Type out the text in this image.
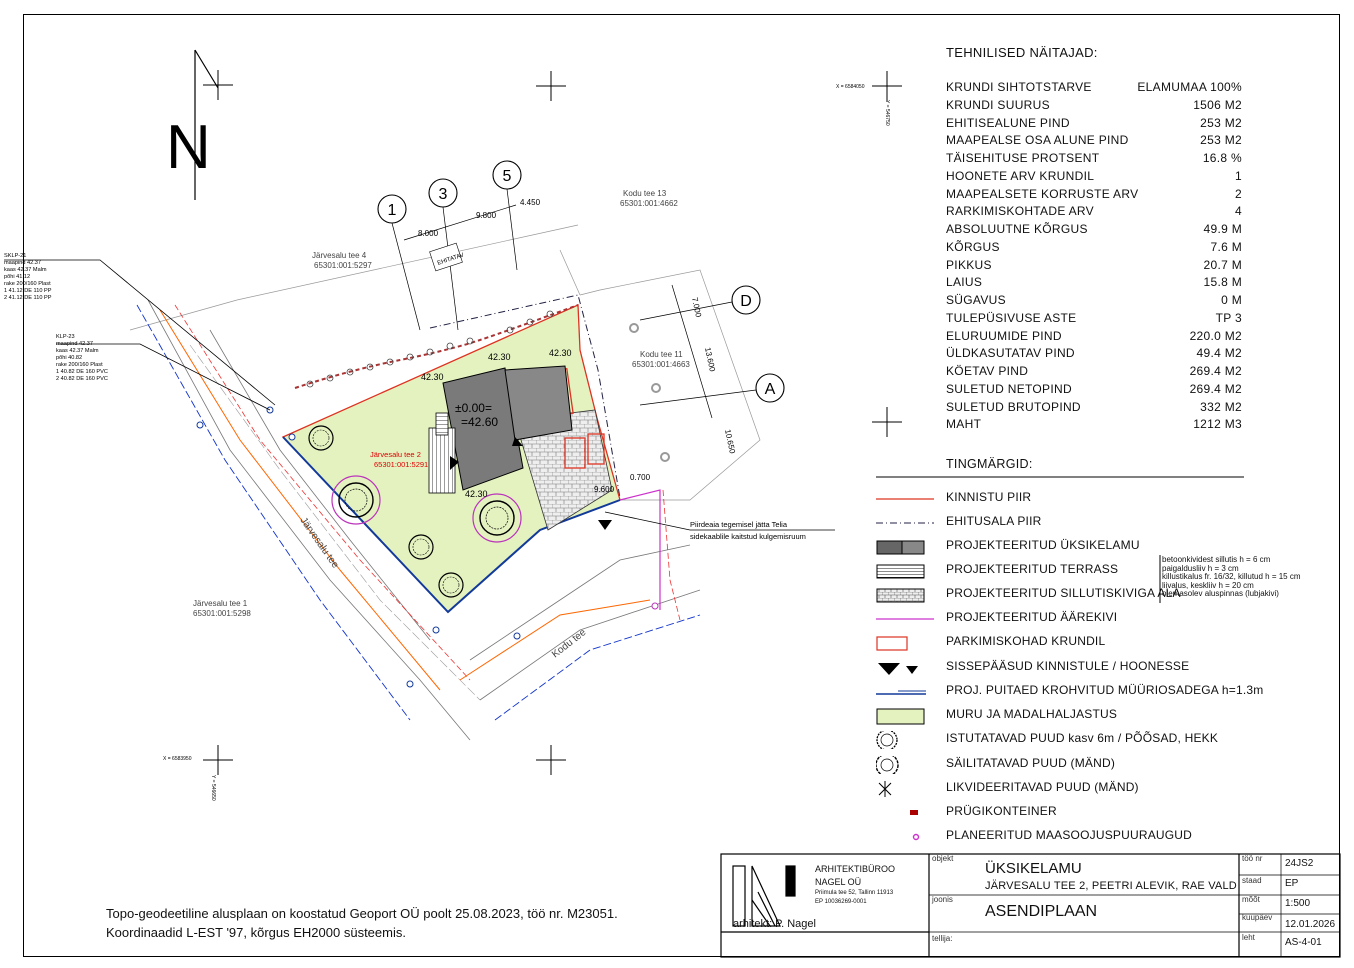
N
X = 6584050
Y = 546750
X = 6583950
Y = 546650
±0.00=
=42.60
1
3
5
D
A
8.000
9.800
4.450
7.000
13.600
10.650
0.700
9.600
EHITATAV
42.30
42.30	42.30
42.30
Järvesalu tee 4
65301:001:5297
Kodu tee 13
65301:001:4662
Kodu tee 11
65301:001:4663
Järvesalu tee 1
65301:001:5298
Järvesalu tee 2
65301:001:5291
Järvesalu tee
Kodu tee
SKLP-21
maapind 42.37
kaas 42.37 Malm
põhi 41.12
rake 200/160 Plast
1 41.12 DE 110 PP
2 41.12 DE 110 PP
KLP-23
maapind 42.37
kaas 42.37 Malm
põhi 40.82
rake 200/160 Plast
1 40.82 DE 160 PVC
2 40.82 DE 160 PVC
Piirdeaia tegemisel jätta Telia
sidekaablile kaitstud kulgemisruum
TEHNILISED NÄITAJAD:
KRUNDI SIHTOTSTARVE	ELAMUMAA 100%
KRUNDI SUURUS	1506 M2
EHITISEALUNE PIND	253 M2
MAAPEALSE OSA ALUNE PIND	253 M2
TÄISEHITUSE PROTSENT	16.8 %
HOONETE ARV KRUNDIL	1
MAAPEALSETE KORRUSTE ARV	2
RARKIMISKOHTADE ARV	4
ABSOLUUTNE KÕRGUS	49.9 M
KÕRGUS	7.6 M
PIKKUS	20.7 M
LAIUS	15.8 M
SÜGAVUS	0 M
TULEPÜSIVUSE ASTE	TP 3
ELURUUMIDE PIND	220.0 M2
ÜLDKASUTATAV PIND	49.4 M2
KÖETAV PIND	269.4 M2
SULETUD NETOPIND	269.4 M2
SULETUD BRUTOPIND	332 M2
MAHT	1212 M3
TINGMÄRGID:
KINNISTU PIIR
EHITUSALA PIIR
PROJEKTEERITUD ÜKSIKELAMU
PROJEKTEERITUD TERRASS
PROJEKTEERITUD SILLUTISKIVIGA ALA
PROJEKTEERITUD ÄÄREKIVI
PARKIMISKOHAD KRUNDIL
SISSEPÄÄSUD KINNISTULE / HOONESSE
PROJ. PUITAED KROHVITUD MÜÜRIOSADEGA h=1.3m
MURU JA MADALHALJASTUS
ISTUTATAVAD PUUD kasv 6m / PÕÕSAD, HEKK
SÄILITATAVAD PUUD (MÄND)
LIKVIDEERITAVAD PUUD (MÄND)
PRÜGIKONTEINER
PLANEERITUD MAASOOJUSPUURAUGUD
betoonkividest sillutis h = 6 cm
paigaldusliiv h = 3 cm
killustikalus fr. 16/32, killutud h = 15 cm
liivalus, keskliiv h = 20 cm
olemasolev aluspinnas (lubjakivi)
Topo-geodeetiline alusplaan on koostatud Geoport OÜ poolt 25.08.2023, töö nr. M23051.
Koordinaadid L-EST '97, kõrgus EH2000 süsteemis.
ARHITEKTIBÜROO
NAGEL OÜ
Priimula tee 52, Tallinn 11913
EP 10036269-0001
arhitekt: P. Nagel
objekt
ÜKSIKELAMU
JÄRVESALU TEE 2, PEETRI ALEVIK, RAE VALD
joonis
ASENDIPLAAN
tellija:
töö nr 24JS2
staad EP
mõõt	1:500
kuupäev
12.01.2026
leht	AS-4-01
